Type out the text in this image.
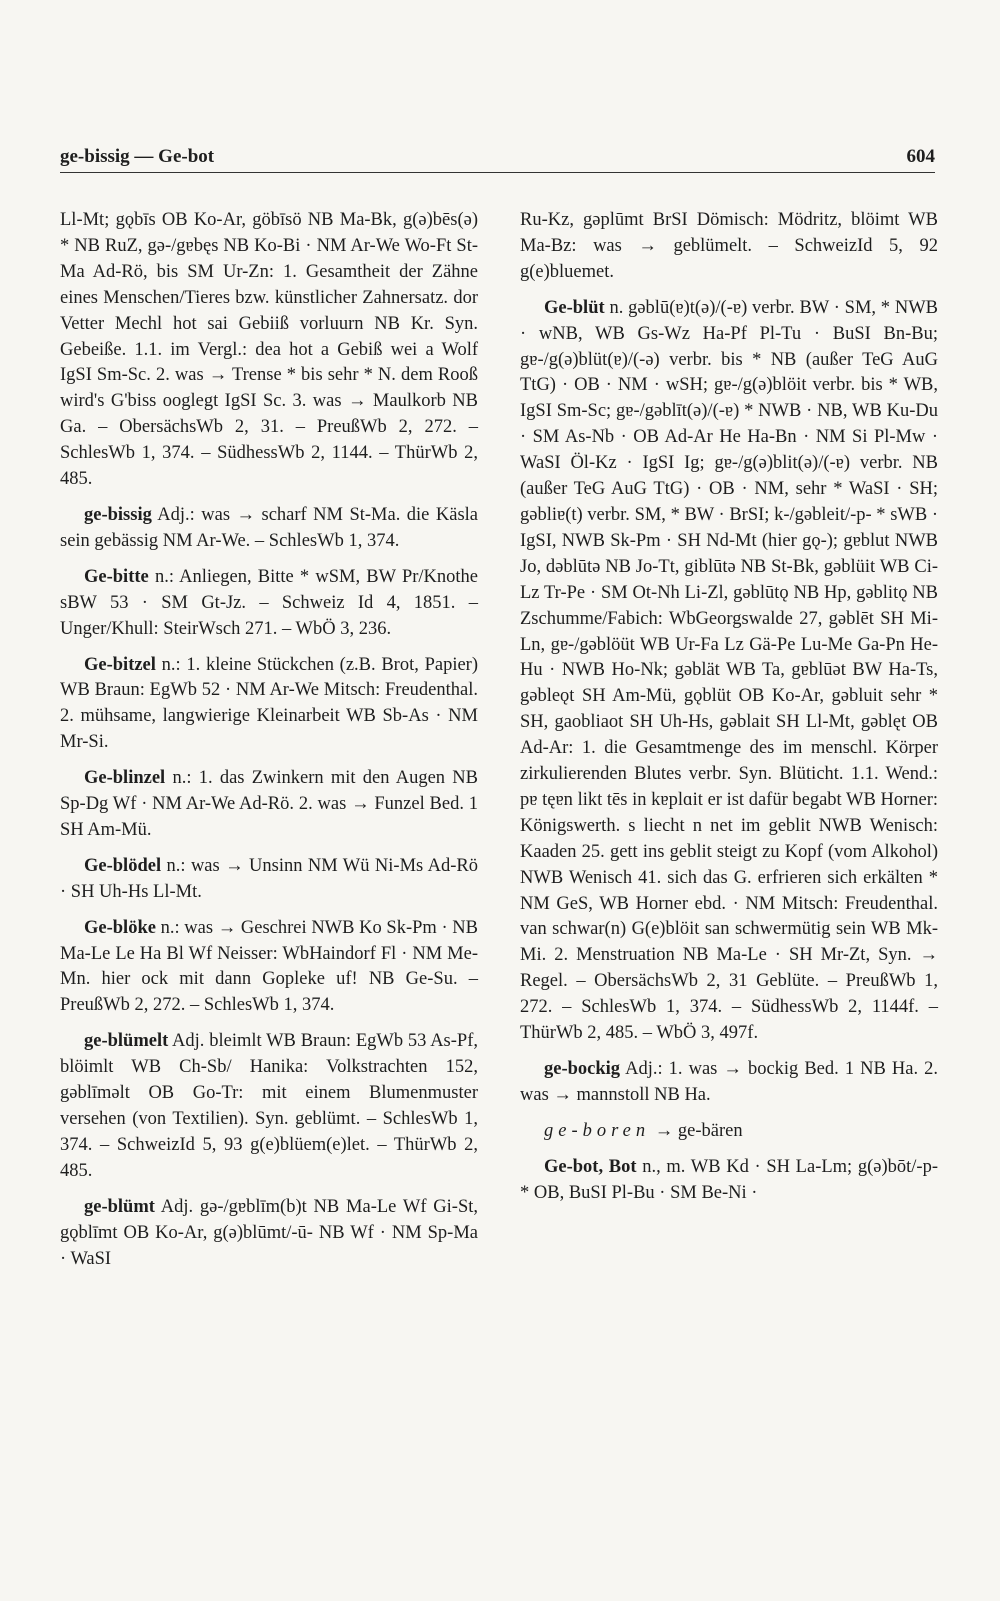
ge-bissig — Ge-bot	604

Ll-Mt; gǫbīs OB Ko-Ar, göbīsö NB Ma-Bk, g(ə)bēs(ə) * NB RuZ, gə-/gɐbęs NB Ko-Bi · NM Ar-We Wo-Ft St-Ma Ad-Rö, bis SM Ur-Zn: 1. Gesamtheit der Zähne eines Menschen/Tieres bzw. künstlicher Zahnersatz. dor Vetter Mechl hot sai Gebiiß vorluurn NB Kr. Syn. Gebeiße. 1.1. im Vergl.: dea hot a Gebiß wei a Wolf IgSI Sm-Sc. 2. was → Trense * bis sehr * N. dem Rooß wird's G'biss ooglegt IgSI Sc. 3. was → Maulkorb NB Ga. – ObersächsWb 2, 31. – PreußWb 2, 272. – SchlesWb 1, 374. – SüdhessWb 2, 1144. – ThürWb 2, 485.

ge-bissig Adj.: was → scharf NM St-Ma. die Käsla sein gebässig NM Ar-We. – SchlesWb 1, 374.

Ge-bitte n.: Anliegen, Bitte * wSM, BW Pr/Knothe sBW 53 · SM Gt-Jz. – Schweiz Id 4, 1851. – Unger/Khull: SteirWsch 271. – WbÖ 3, 236.

Ge-bitzel n.: 1. kleine Stückchen (z.B. Brot, Papier) WB Braun: EgWb 52 · NM Ar-We Mitsch: Freudenthal. 2. mühsame, langwierige Kleinarbeit WB Sb-As · NM Mr-Si.

Ge-blinzel n.: 1. das Zwinkern mit den Augen NB Sp-Dg Wf · NM Ar-We Ad-Rö. 2. was → Funzel Bed. 1 SH Am-Mü.

Ge-blödel n.: was → Unsinn NM Wü Ni-Ms Ad-Rö · SH Uh-Hs Ll-Mt.

Ge-blöke n.: was → Geschrei NWB Ko Sk-Pm · NB Ma-Le Le Ha Bl Wf Neisser: WbHaindorf Fl · NM Me-Mn. hier ock mit dann Gopleke uf! NB Ge-Su. – PreußWb 2, 272. – SchlesWb 1, 374.

ge-blümelt Adj. bleimlt WB Braun: EgWb 53 As-Pf, blöimlt WB Ch-Sb/ Hanika: Volkstrachten 152, gəblīməlt OB Go-Tr: mit einem Blumenmuster versehen (von Textilien). Syn. geblümt. – SchlesWb 1, 374. – SchweizId 5, 93 g(e)blüem(e)let. – ThürWb 2, 485.

ge-blümt Adj. gə-/gɐblīm(b)t NB Ma-Le Wf Gi-St, gǫblīmt OB Ko-Ar, g(ə)blūmt/-ū- NB Wf · NM Sp-Ma · WaSI

Ru-Kz, gəplūmt BrSI Dömisch: Mödritz, blöimt WB Ma-Bz: was → geblümelt. – SchweizId 5, 92 g(e)bluemet.

Ge-blüt n. gəblū(ɐ)t(ə)/(-ɐ) verbr. BW · SM, * NWB · wNB, WB Gs-Wz Ha-Pf Pl-Tu · BuSI Bn-Bu; gɐ-/g(ə)blüt(ɐ)/(-ə) verbr. bis * NB (außer TeG AuG TtG) · OB · NM · wSH; gɐ-/g(ə)blöit verbr. bis * WB, IgSI Sm-Sc; gɐ-/gəblīt(ə)/(-ɐ) * NWB · NB, WB Ku-Du · SM As-Nb · OB Ad-Ar He Ha-Bn · NM Si Pl-Mw · WaSI Öl-Kz · IgSI Ig; gɐ-/g(ə)blit(ə)/(-ɐ) verbr. NB (außer TeG AuG TtG) · OB · NM, sehr * WaSI · SH; gəbliɐ(t) verbr. SM, * BW · BrSI; k-/gəbleit/-p- * sWB · IgSI, NWB Sk-Pm · SH Nd-Mt (hier gǫ-); gɐblut NWB Jo, dəblūtə NB Jo-Tt, giblūtə NB St-Bk, gəblüit WB Ci-Lz Tr-Pe · SM Ot-Nh Li-Zl, gəblūtǫ NB Hp, gəblitǫ NB Zschumme/Fabich: WbGeorgswalde 27, gəblēt SH Mi-Ln, gɐ-/gəblöüt WB Ur-Fa Lz Gä-Pe Lu-Me Ga-Pn He-Hu · NWB Ho-Nk; gəblät WB Ta, gɐblūət BW Ha-Ts, gəbleǫt SH Am-Mü, gǫblüt OB Ko-Ar, gəbluit sehr * SH, gaobliaot SH Uh-Hs, gəblait SH Ll-Mt, gəblęt OB Ad-Ar: 1. die Gesamtmenge des im menschl. Körper zirkulierenden Blutes verbr. Syn. Blüticht. 1.1. Wend.: pɐ tęɐn likt tēs in kɐplɑit er ist dafür begabt WB Horner: Königswerth. s liecht n net im geblit NWB Wenisch: Kaaden 25. gett ins geblit steigt zu Kopf (vom Alkohol) NWB Wenisch 41. sich das G. erfrieren sich erkälten * NM GeS, WB Horner ebd. · NM Mitsch: Freudenthal. van schwar(n) G(e)blöit san schwermütig sein WB Mk-Mi. 2. Menstruation NB Ma-Le · SH Mr-Zt, Syn. → Regel. – ObersächsWb 2, 31 Geblüte. – PreußWb 1, 272. – SchlesWb 1, 374. – SüdhessWb 2, 1144f. – ThürWb 2, 485. – WbÖ 3, 497f.

ge-bockig Adj.: 1. was → bockig Bed. 1 NB Ha. 2. was → mannstoll NB Ha.

ge-boren → ge-bären

Ge-bot, Bot n., m. WB Kd · SH La-Lm; g(ə)bōt/-p- * OB, BuSI Pl-Bu · SM Be-Ni ·
